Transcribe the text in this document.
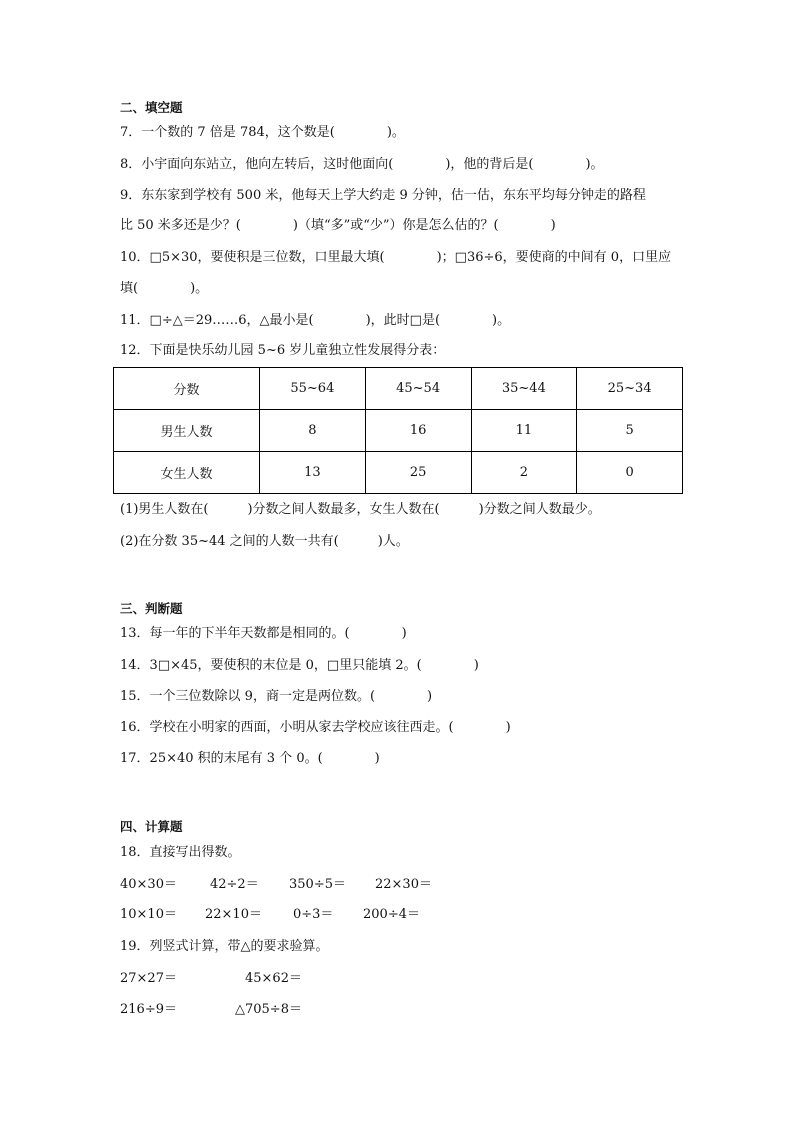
二、填空题
7．一个数的 7 倍是 784，这个数是(　　　　)。
8．小宇面向东站立，他向左转后，这时他面向(　　　　)，他的背后是(　　　　)。
9．东东家到学校有 500 米，他每天上学大约走 9 分钟，估一估，东东平均每分钟走的路程
比 50 米多还是少？(　　　　)（填“多”或“少”）你是怎么估的？(　　　　)
10．□5×30，要使积是三位数，口里最大填(　　　　)；□36÷6，要使商的中间有 0，口里应
填(　　　　)。
11．□÷△＝29……6，△最小是(　　　　)，此时□是(　　　　)。
12．下面是快乐幼儿园 5~6 岁儿童独立性发展得分表：
分数	55~64	45~54	35~44	25~34
男生人数	8	16	11	5
女生人数	13	25	2	0
(1)男生人数在(　　　)分数之间人数最多，女生人数在(　　　)分数之间人数最少。
(2)在分数 35~44 之间的人数一共有(　　　)人。
三、判断题
13．每一年的下半年天数都是相同的。(　　　　)
14．3□×45，要使积的末位是 0，□里只能填 2。(　　　　)
15．一个三位数除以 9，商一定是两位数。(　　　　)
16．学校在小明家的西面，小明从家去学校应该往西走。(　　　　)
17．25×40 积的末尾有 3 个 0。(　　　　)
四、计算题
18．直接写出得数。
40×30＝	42÷2＝ 350÷5＝ 22×30＝
10×10＝ 22×10＝ 0÷3＝ 200÷4＝
19．列竖式计算，带△的要求验算。
27×27＝	45×62＝
216÷9＝	△705÷8＝
